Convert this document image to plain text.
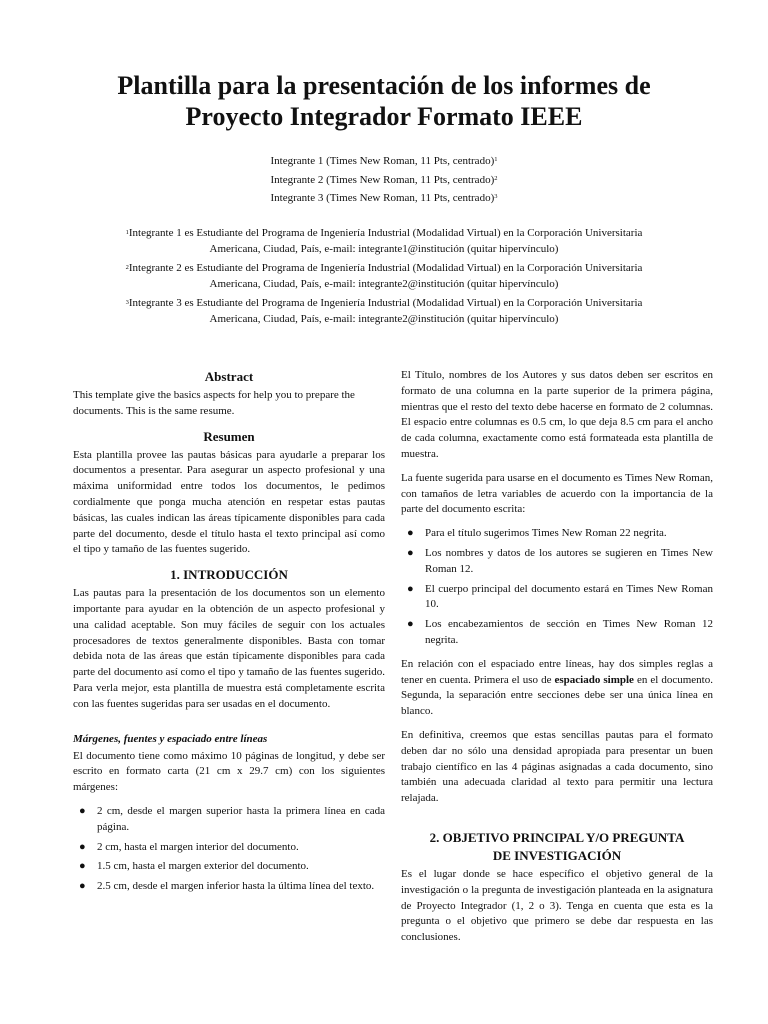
Plantilla para la presentación de los informes de
Proyecto Integrador Formato IEEE
Integrante 1 (Times New Roman, 11 Pts, centrado)$^1$
Integrante 2 (Times New Roman, 11 Pts, centrado)$^2$
Integrante 3 (Times New Roman, 11 Pts, centrado)$^3$
$^1$Integrante 1 es Estudiante del Programa de Ingeniería Industrial (Modalidad Virtual) en la Corporación Universitaria
Americana, Ciudad, País, e-mail: integrante1@institución (quitar hipervínculo)
$^2$Integrante 2 es Estudiante del Programa de Ingeniería Industrial (Modalidad Virtual) en la Corporación Universitaria
Americana, Ciudad, País, e-mail: integrante2@institución (quitar hipervínculo)
$^3$Integrante 3 es Estudiante del Programa de Ingeniería Industrial (Modalidad Virtual) en la Corporación Universitaria
Americana, Ciudad, País, e-mail: integrante2@institución (quitar hipervínculo)
Abstract

This template give the basics aspects for help you to prepare the documents. This is the same resume.

Resumen

Esta plantilla provee las pautas básicas para ayudarle a preparar los documentos a presentar. Para asegurar un aspecto profesional y una máxima uniformidad entre todos los documentos, le pedimos cordialmente que ponga mucha atención en respetar estas pautas básicas, las cuales indican las áreas típicamente disponibles para cada parte del documento, desde el título hasta el texto principal así como el tipo y tamaño de las fuentes sugerido.

1. INTRODUCCIÓN

Las pautas para la presentación de los documentos son un elemento importante para ayudar en la obtención de un aspecto profesional y una calidad aceptable. Son muy fáciles de seguir con los actuales procesadores de textos generalmente disponibles. Basta con tomar debida nota de las áreas que están típicamente disponibles para cada parte del documento así como el tipo y tamaño de las fuentes sugerido. Para verla mejor, esta plantilla de muestra está completamente escrita con las fuentes sugeridas para ser usadas en el documento.

Márgenes, fuentes y espaciado entre líneas

El documento tiene como máximo 10 páginas de longitud, y debe ser escrito en formato carta (21 cm x 29.7 cm) con los siguientes márgenes:

● 2 cm, desde el margen superior hasta la primera línea en cada página.
● 2 cm, hasta el margen interior del documento.
● 1.5 cm, hasta el margen exterior del documento.
● 2.5 cm, desde el margen inferior hasta la última línea del texto.

El Título, nombres de los Autores y sus datos deben ser escritos en formato de una columna en la parte superior de la primera página, mientras que el resto del texto debe hacerse en formato de 2 columnas. El espacio entre columnas es 0.5 cm, lo que deja 8.5 cm para el ancho de cada columna, exactamente como está formateada esta plantilla de muestra.

La fuente sugerida para usarse en el documento es Times New Roman, con tamaños de letra variables de acuerdo con la importancia de la parte del documento escrita:

● Para el título sugerimos Times New Roman 22 negrita.
● Los nombres y datos de los autores se sugieren en Times New Roman 12.
● El cuerpo principal del documento estará en Times New Roman 10.
● Los encabezamientos de sección en Times New Roman 12 negrita.

En relación con el espaciado entre líneas, hay dos simples reglas a tener en cuenta. Primera el uso de espaciado simple en el documento. Segunda, la separación entre secciones debe ser una única línea en blanco.

En definitiva, creemos que estas sencillas pautas para el formato deben dar no sólo una densidad apropiada para presentar un buen trabajo científico en las 4 páginas asignadas a cada documento, sino también una adecuada claridad al texto para permitir una lectura relajada.

2. OBJETIVO PRINCIPAL Y/O PREGUNTA
DE INVESTIGACIÓN

Es el lugar donde se hace específico el objetivo general de la investigación o la pregunta de investigación planteada en la asignatura de Proyecto Integrador (1, 2 o 3). Tenga en cuenta que esta es la pregunta o el objetivo que primero se debe dar respuesta en las conclusiones.
